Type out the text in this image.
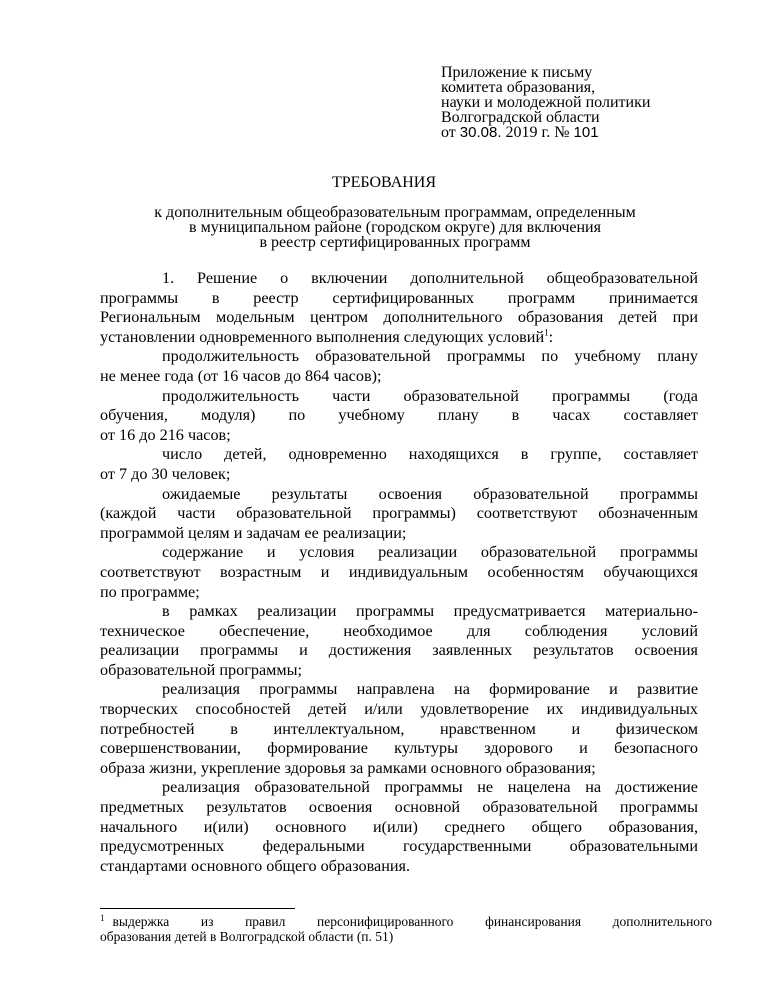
Приложение к письму
комитета образования,
науки и молодежной политики
Волгоградской области
от 30.08. 2019 г. № 101
ТРЕБОВАНИЯ
к дополнительным общеобразовательным программам, определенным
в муниципальном районе (городском округе) для включения
в реестр сертифицированных программ
1. Решение о включении дополнительной общеобразовательной
программы в реестр сертифицированных программ принимается
Региональным модельным центром дополнительного образования детей при
установлении одновременного выполнения следующих условий$^1$:
продолжительность образовательной программы по учебному плану
не менее года (от 16 часов до 864 часов);
продолжительность части образовательной программы (года
обучения, модуля) по учебному плану в часах составляет
от 16 до 216 часов;
число детей, одновременно находящихся в группе, составляет
от 7 до 30 человек;
ожидаемые результаты освоения образовательной программы
(каждой части образовательной программы) соответствуют обозначенным
программой целям и задачам ее реализации;
содержание и условия реализации образовательной программы
соответствуют возрастным и индивидуальным особенностям обучающихся
по программе;
в рамках реализации программы предусматривается материально-
техническое обеспечение, необходимое для соблюдения условий
реализации программы и достижения заявленных результатов освоения
образовательной программы;
реализация программы направлена на формирование и развитие
творческих способностей детей и/или удовлетворение их индивидуальных
потребностей в интеллектуальном, нравственном и физическом
совершенствовании, формирование культуры здорового и безопасного
образа жизни, укрепление здоровья за рамками основного образования;
реализация образовательной программы не нацелена на достижение
предметных результатов освоения основной образовательной программы
начального и(или) основного и(или) среднего общего образования,
предусмотренных федеральными государственными образовательными
стандартами основного общего образования.
$^1$ выдержка из правил персонифицированного финансирования дополнительного
образования детей в Волгоградской области (п. 51)
